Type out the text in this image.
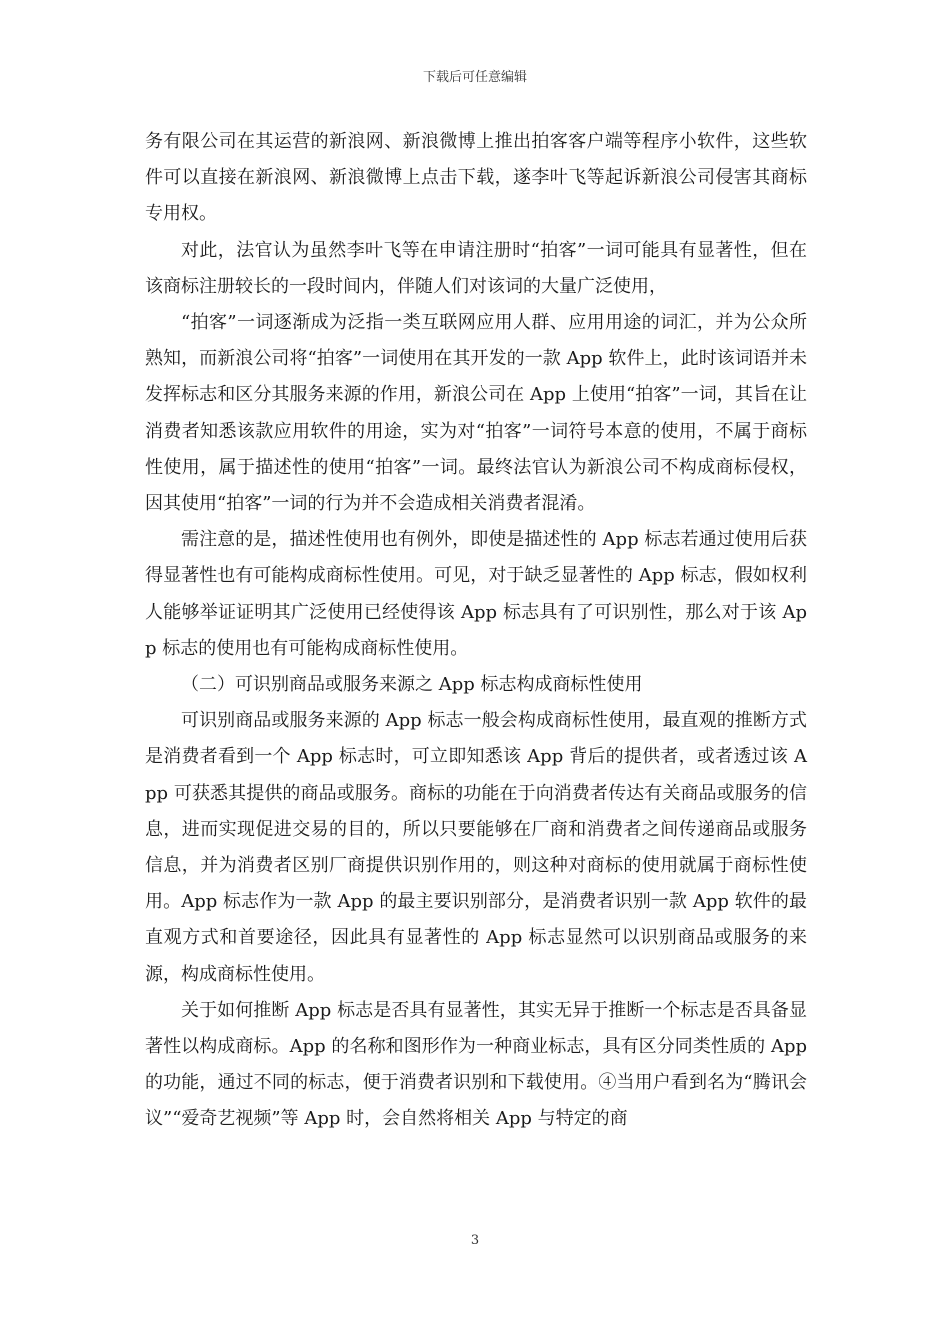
下载后可任意编辑

务有限公司在其运营的新浪网、新浪微博上推出拍客客户端等程序小软件，这些软件可以直接在新浪网、新浪微博上点击下载，遂李叶飞等起诉新浪公司侵害其商标专用权。

对此，法官认为虽然李叶飞等在申请注册时“拍客”一词可能具有显著性，但在该商标注册较长的一段时间内，伴随人们对该词的大量广泛使用，

“拍客”一词逐渐成为泛指一类互联网应用人群、应用用途的词汇，并为公众所熟知，而新浪公司将“拍客”一词使用在其开发的一款 App 软件上，此时该词语并未发挥标志和区分其服务来源的作用，新浪公司在 App 上使用“拍客”一词，其旨在让消费者知悉该款应用软件的用途，实为对“拍客”一词符号本意的使用，不属于商标性使用，属于描述性的使用“拍客”一词。最终法官认为新浪公司不构成商标侵权，因其使用“拍客”一词的行为并不会造成相关消费者混淆。

需注意的是，描述性使用也有例外，即使是描述性的 App 标志若通过使用后获得显著性也有可能构成商标性使用。可见，对于缺乏显著性的 App 标志，假如权利人能够举证证明其广泛使用已经使得该 App 标志具有了可识别性，那么对于该 App 标志的使用也有可能构成商标性使用。

（二）可识别商品或服务来源之 App 标志构成商标性使用

可识别商品或服务来源的 App 标志一般会构成商标性使用，最直观的推断方式是消费者看到一个 App 标志时，可立即知悉该 App 背后的提供者，或者透过该 App 可获悉其提供的商品或服务。商标的功能在于向消费者传达有关商品或服务的信息，进而实现促进交易的目的，所以只要能够在厂商和消费者之间传递商品或服务信息，并为消费者区别厂商提供识别作用的，则这种对商标的使用就属于商标性使用。App 标志作为一款 App 的最主要识别部分，是消费者识别一款 App 软件的最直观方式和首要途径，因此具有显著性的 App 标志显然可以识别商品或服务的来源，构成商标性使用。

关于如何推断 App 标志是否具有显著性，其实无异于推断一个标志是否具备显著性以构成商标。App 的名称和图形作为一种商业标志，具有区分同类性质的 App 的功能，通过不同的标志，便于消费者识别和下载使用。④当用户看到名为“腾讯会议”“爱奇艺视频”等 App 时，会自然将相关 App 与特定的商

3
